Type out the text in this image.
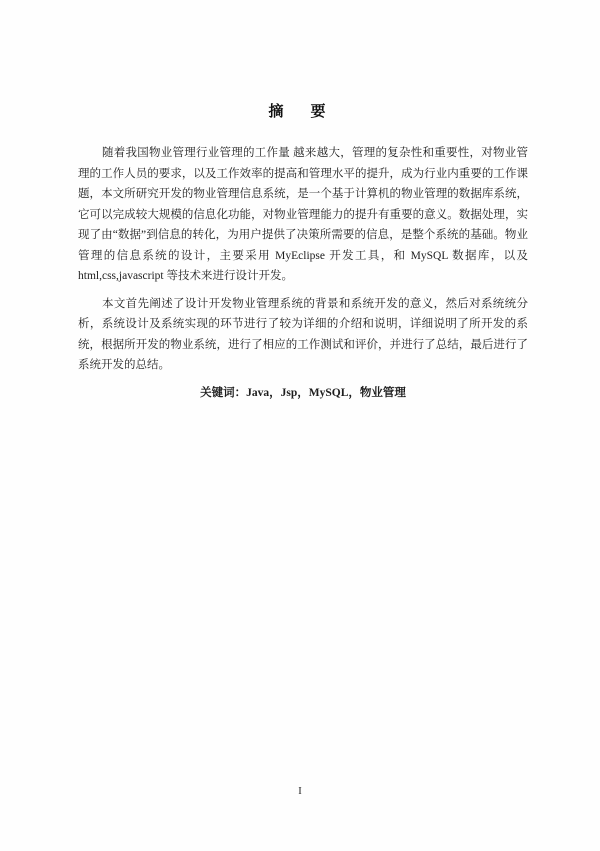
摘　要

随着我国物业管理行业管理的工作量 越来越大，管理的复杂性和重要性，对物业管理的工作人员的要求，以及工作效率的提高和管理水平的提升，成为行业内重要的工作课题，本文所研究开发的物业管理信息系统，是一个基于计算机的物业管理的数据库系统，它可以完成较大规模的信息化功能，对物业管理能力的提升有重要的意义。数据处理，实现了由“数据”到信息的转化，为用户提供了决策所需要的信息，是整个系统的基础。物业管理的信息系统的设计，主要采用 MyEclipse 开发工具，和 MySQL 数据库，以及html,css,javascript 等技术来进行设计开发。

本文首先阐述了设计开发物业管理系统的背景和系统开发的意义，然后对系统统分析，系统设计及系统实现的环节进行了较为详细的介绍和说明，详细说明了所开发的系统，根据所开发的物业系统，进行了相应的工作测试和评价，并进行了总结，最后进行了系统开发的总结。

关键词：Java，Jsp，MySQL，物业管理
I
